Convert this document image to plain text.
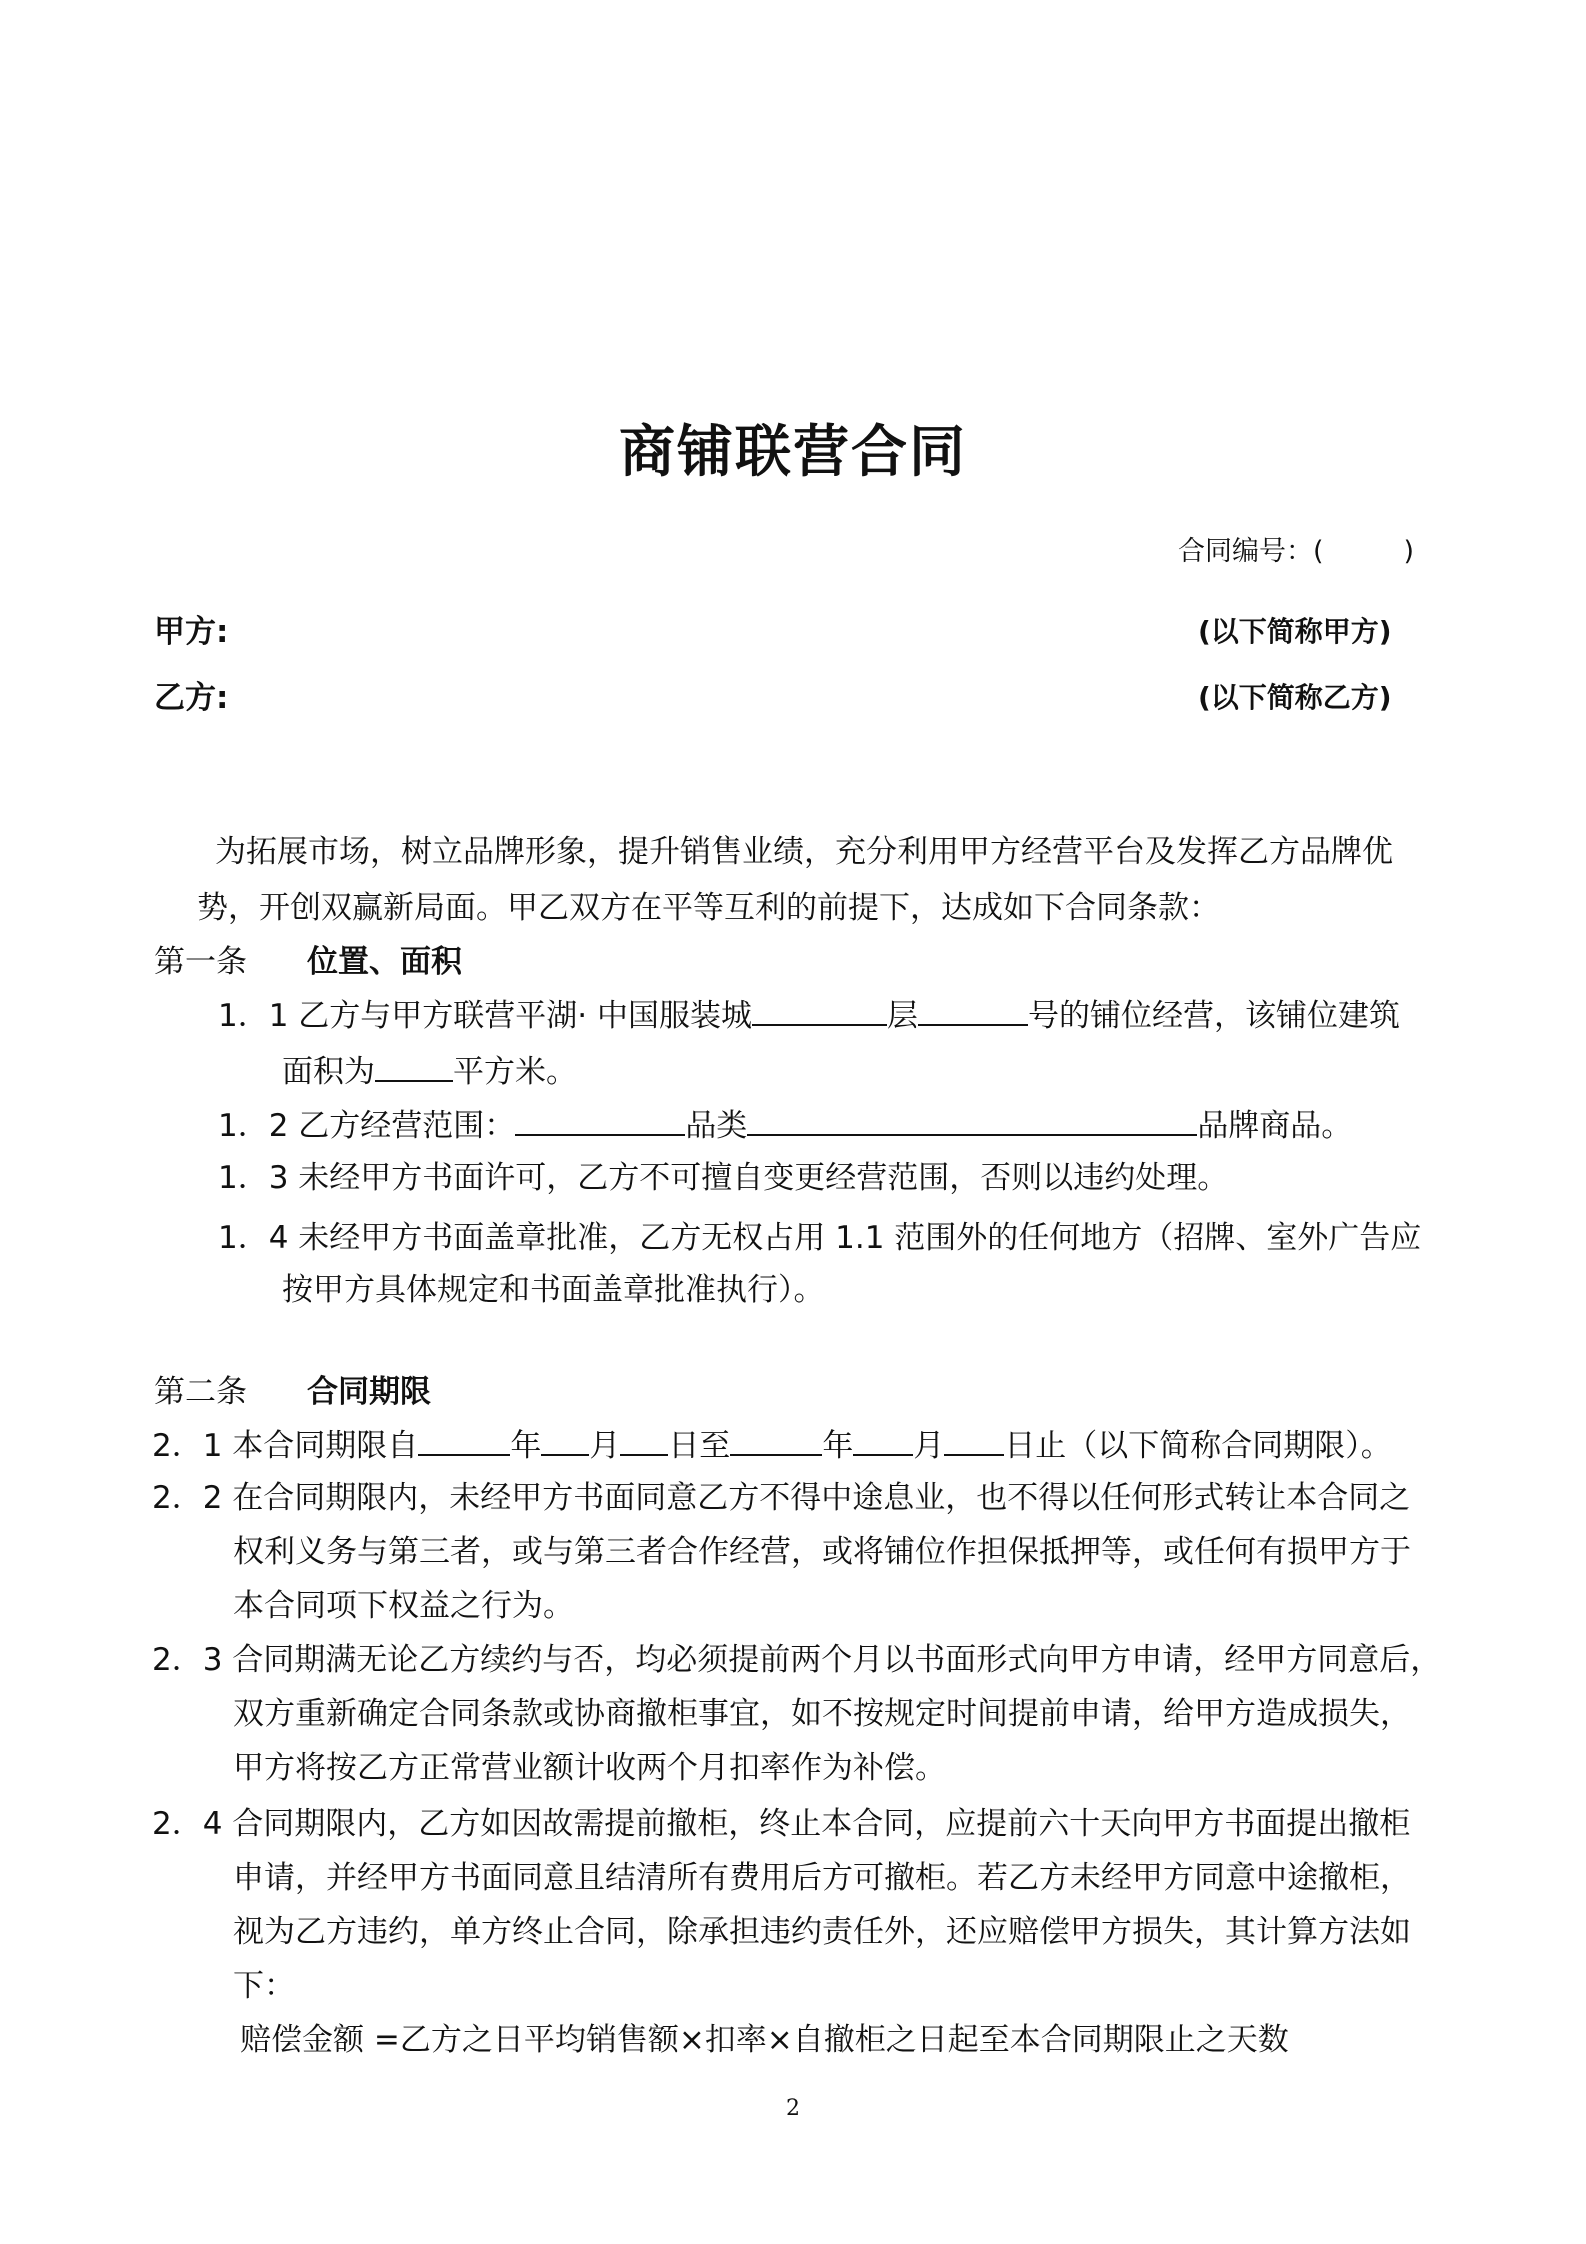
商铺联营合同
合同编号：(	)
甲方:	(以下简称甲方)
乙方:	(以下简称乙方)
为拓展市场，树立品牌形象，提升销售业绩，充分利用甲方经营平台及发挥乙方品牌优
势，开创双赢新局面。甲乙双方在平等互利的前提下，达成如下合同条款：
第一条 位置、面积
1．1 乙方与甲方联营平湖· 中国服装城	层	号的铺位经营，该铺位建筑
面积为	平方米。
1．2 乙方经营范围：	品类	品牌商品。
1．3 未经甲方书面许可，乙方不可擅自变更经营范围，否则以违约处理。
1．4 未经甲方书面盖章批准，乙方无权占用 1.1 范围外的任何地方（招牌、室外广告应
按甲方具体规定和书面盖章批准执行）。
第二条 合同期限
2．1 本合同期限自	年 月 日至	年 月 日止（以下简称合同期限）。
2．2 在合同期限内，未经甲方书面同意乙方不得中途息业，也不得以任何形式转让本合同之
权利义务与第三者，或与第三者合作经营，或将铺位作担保抵押等，或任何有损甲方于
本合同项下权益之行为。
2．3 合同期满无论乙方续约与否，均必须提前两个月以书面形式向甲方申请，经甲方同意后，
双方重新确定合同条款或协商撤柜事宜，如不按规定时间提前申请，给甲方造成损失，
甲方将按乙方正常营业额计收两个月扣率作为补偿。
2．4 合同期限内，乙方如因故需提前撤柜，终止本合同，应提前六十天向甲方书面提出撤柜
申请，并经甲方书面同意且结清所有费用后方可撤柜。若乙方未经甲方同意中途撤柜，
视为乙方违约，单方终止合同，除承担违约责任外，还应赔偿甲方损失，其计算方法如
下：
赔偿金额 =乙方之日平均销售额×扣率×自撤柜之日起至本合同期限止之天数
2
